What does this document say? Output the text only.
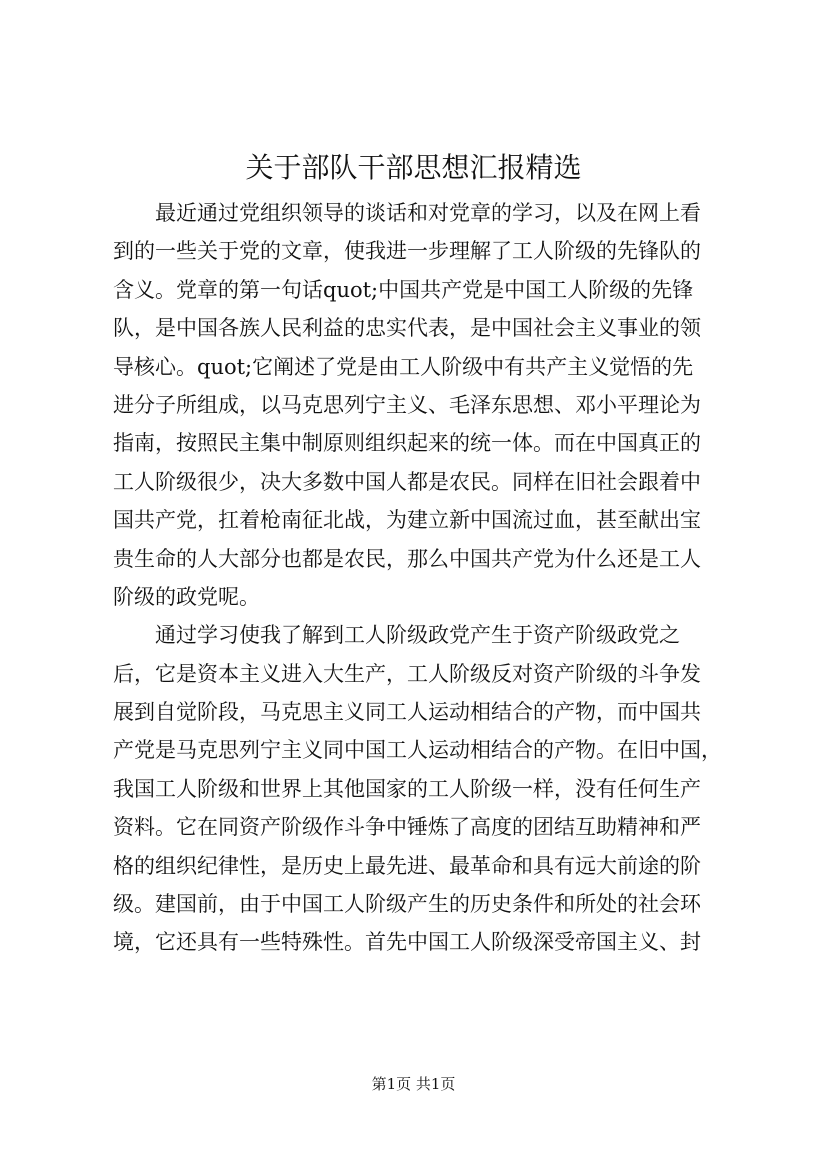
关于部队干部思想汇报精选
最近通过党组织领导的谈话和对党章的学习，以及在网上看
到的一些关于党的文章，使我进一步理解了工人阶级的先锋队的
含义。党章的第一句话quot;中国共产党是中国工人阶级的先锋
队，是中国各族人民利益的忠实代表，是中国社会主义事业的领
导核心。quot;它阐述了党是由工人阶级中有共产主义觉悟的先
进分子所组成，以马克思列宁主义、毛泽东思想、邓小平理论为
指南，按照民主集中制原则组织起来的统一体。而在中国真正的
工人阶级很少，决大多数中国人都是农民。同样在旧社会跟着中
国共产党，扛着枪南征北战，为建立新中国流过血，甚至献出宝
贵生命的人大部分也都是农民，那么中国共产党为什么还是工人
阶级的政党呢。
通过学习使我了解到工人阶级政党产生于资产阶级政党之
后，它是资本主义进入大生产，工人阶级反对资产阶级的斗争发
展到自觉阶段，马克思主义同工人运动相结合的产物，而中国共
产党是马克思列宁主义同中国工人运动相结合的产物。在旧中国，
我国工人阶级和世界上其他国家的工人阶级一样，没有任何生产
资料。它在同资产阶级作斗争中锤炼了高度的团结互助精神和严
格的组织纪律性，是历史上最先进、最革命和具有远大前途的阶
级。建国前，由于中国工人阶级产生的历史条件和所处的社会环
境，它还具有一些特殊性。首先中国工人阶级深受帝国主义、封
第1页 共1页
